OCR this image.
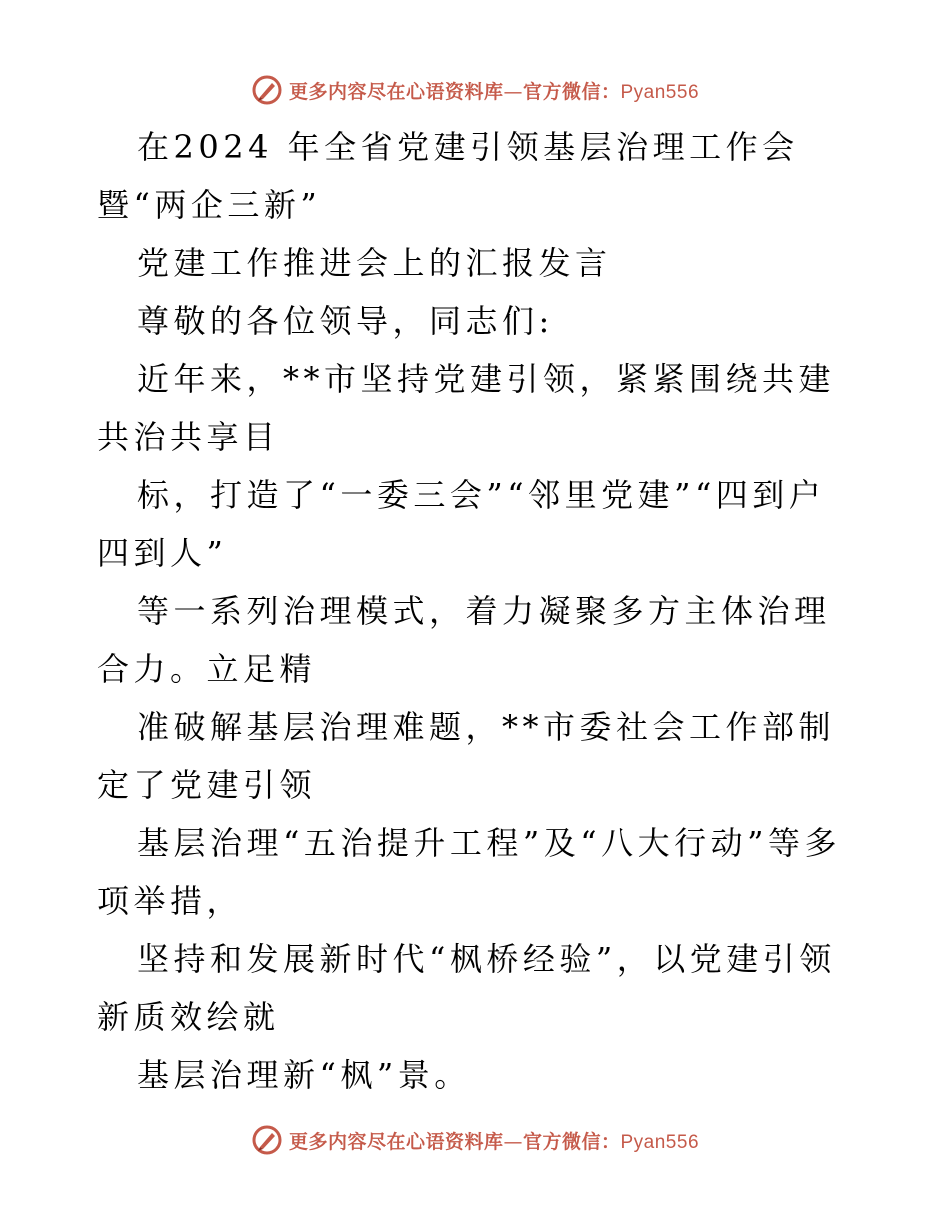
更多内容尽在心语资料库—官方微信：Pyan556

在2024 年全省党建引领基层治理工作会暨“两企三新”

党建工作推进会上的汇报发言

尊敬的各位领导，同志们:

近年来，**市坚持党建引领，紧紧围绕共建共治共享目

标，打造了“一委三会”“邻里党建”“四到户四到人”

等一系列治理模式，着力凝聚多方主体治理合力。立足精

准破解基层治理难题，**市委社会工作部制定了党建引领

基层治理“五治提升工程”及“八大行动”等多项举措，

坚持和发展新时代“枫桥经验”，以党建引领新质效绘就

基层治理新“枫”景。

更多内容尽在心语资料库—官方微信：Pyan556
